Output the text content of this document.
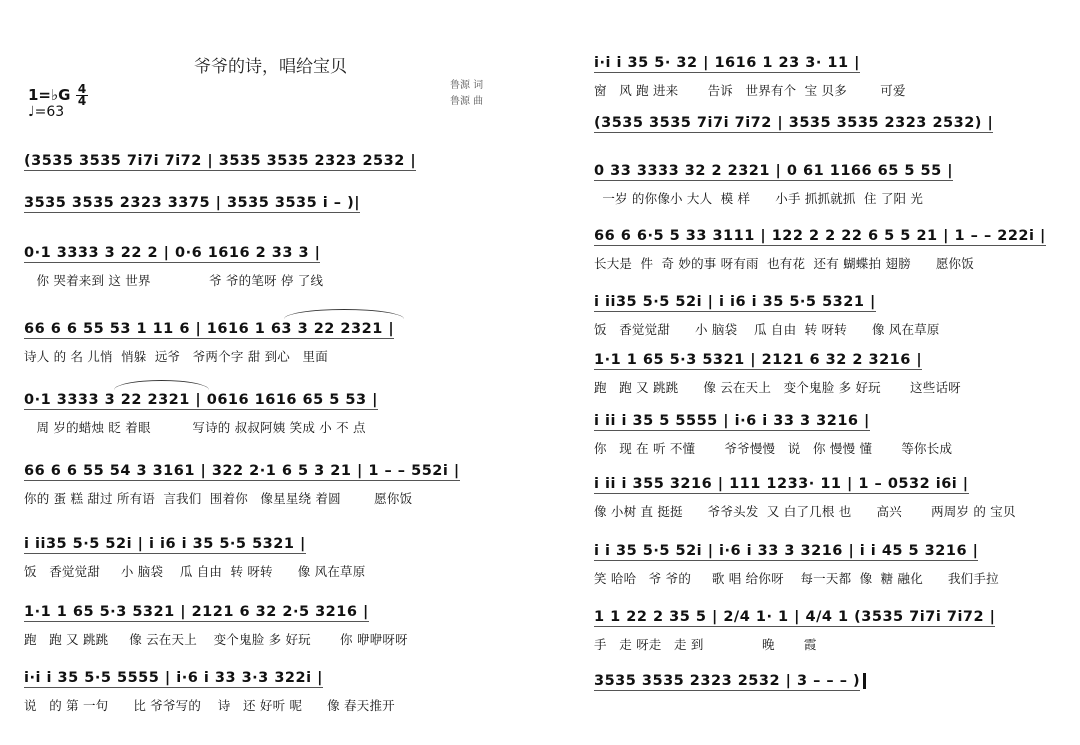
爷爷的诗，唱给宝贝
1=♭G 4
4
♩=63
鲁源 词
鲁源 曲
(3535 3535 7i7i 7i72 | 3535 3535 2323 2532 |
3535 3535 2323 3375 | 3535 3535 i – )|
0·1 3333 3 22 2 | 0·6 1616 2 33 3 |
你 哭着来到 这 世界              爷 爷的笔呀 停 了线
66 6 6 55 53 1 11 6 | 1616 1 63 3 22 2321 |
诗人 的 名 儿悄  悄躲  远爷   爷两个字 甜 到心   里面
0·1 3333 3 22 2321 | 0616 1616 65 5 53 |
周 岁的蜡烛 眨 着眼          写诗的 叔叔阿姨 笑成 小 不 点
66 6 6 55 54 3 3161 | 322 2·1 6 5 3 21 | 1 – – 552i |
你的 蛋 糕 甜过 所有语  言我们  围着你   像星星绕 着圆        愿你饭
i ii35 5·5 52i | i i6 i 35 5·5 5321 |
饭   香觉觉甜     小 脑袋    瓜 自由  转 呀转      像 风在草原
1·1 1 65 5·3 5321 | 2121 6 32 2·5 3216 |
跑   跑 又 跳跳     像 云在天上    变个鬼脸 多 好玩       你 咿咿呀呀
i·i i 35 5·5 5555 | i·6 i 33 3·3 322i |
说   的 第 一句      比 爷爷写的    诗   还 好听 呢      像 春天推开
i·i i 35 5· 32 | 1616 1 23 3· 11 |
窗   风 跑 进来       告诉   世界有个  宝 贝多        可爱
(3535 3535 7i7i 7i72 | 3535 3535 2323 2532) |
0 33 3333 32 2 2321 | 0 61 1166 65 5 55 |
一岁 的你像小 大人  模 样      小手 抓抓就抓  住 了阳 光
66 6 6·5 5 33 3111 | 122 2 2 22 6 5 5 21 | 1 – – 222i |
长大是  件  奇 妙的事 呀有雨  也有花  还有 蝴蝶拍 翅膀      愿你饭
i ii35 5·5 52i | i i6 i 35 5·5 5321 |
饭   香觉觉甜      小 脑袋    瓜 自由  转 呀转      像 风在草原
1·1 1 65 5·3 5321 | 2121 6 32 2 3216 |
跑   跑 又 跳跳      像 云在天上   变个鬼脸 多 好玩       这些话呀
i ii i 35 5 5555 | i·6 i 33 3 3216 |
你   现 在 听 不懂       爷爷慢慢   说   你 慢慢 懂       等你长成
i ii i 355 3216 | 111 1233· 11 | 1 – 0532 i6i |
像 小树 直 挺挺      爷爷头发  又 白了几根 也      高兴       两周岁 的 宝贝
i i 35 5·5 52i | i·6 i 33 3 3216 | i i 45 5 3216 |
笑 哈哈   爷 爷的     歌 唱 给你呀    每一天都  像  糖 融化      我们手拉
1 1 22 2 35 5 | 2/4 1· 1 | 4/4 1 (3535 7i7i 7i72 |
手   走 呀走   走 到              晚       霞
3535 3535 2323 2532 | 3 – – – )
